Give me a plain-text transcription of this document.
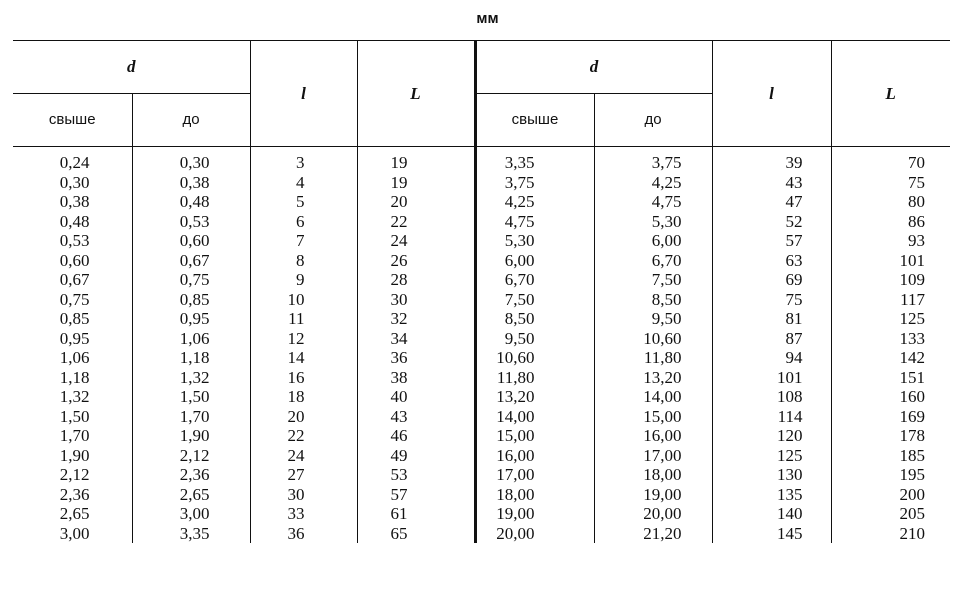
мм
d		l	L	d		l	L
свыше	до			свыше	до		
0,24	0,30	3	19	3,35	3,75	39	70
0,30	0,38	4	19	3,75	4,25	43	75
0,38	0,48	5	20	4,25	4,75	47	80
0,48	0,53	6	22	4,75	5,30	52	86
0,53	0,60	7	24	5,30	6,00	57	93
0,60	0,67	8	26	6,00	6,70	63	101
0,67	0,75	9	28	6,70	7,50	69	109
0,75	0,85	10	30	7,50	8,50	75	117
0,85	0,95	11	32	8,50	9,50	81	125
0,95	1,06	12	34	9,50	10,60	87	133
1,06	1,18	14	36	10,60	11,80	94	142
1,18	1,32	16	38	11,80	13,20	101	151
1,32	1,50	18	40	13,20	14,00	108	160
1,50	1,70	20	43	14,00	15,00	114	169
1,70	1,90	22	46	15,00	16,00	120	178
1,90	2,12	24	49	16,00	17,00	125	185
2,12	2,36	27	53	17,00	18,00	130	195
2,36	2,65	30	57	18,00	19,00	135	200
2,65	3,00	33	61	19,00	20,00	140	205
3,00	3,35	36	65	20,00	21,20	145	210
